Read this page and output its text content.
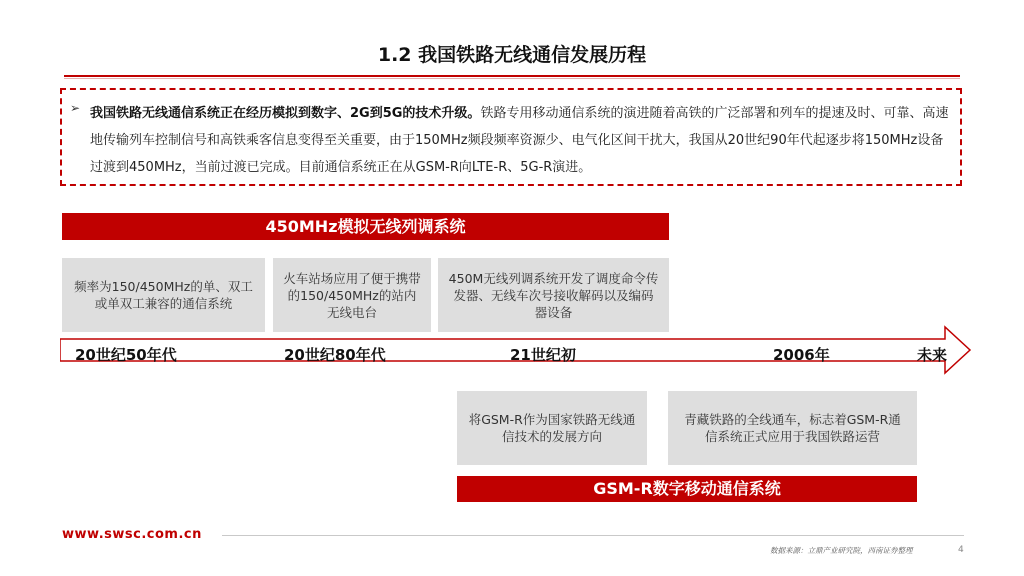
1.2 我国铁路无线通信发展历程
➢ 我国铁路无线通信系统正在经历模拟到数字、2G到5G的技术升级。铁路专用移动通信系统的演进随着高铁的广泛部署和列车的提速及时、可靠、高速地传输列车控制信号和高铁乘客信息变得至关重要，由于150MHz频段频率资源少、电气化区间干扰大，我国从20世纪90年代起逐步将150MHz设备过渡到450MHz，当前过渡已完成。目前通信系统正在从GSM-R向LTE-R、5G-R演进。
450MHz模拟无线列调系统
频率为150/450MHz的单、双工或单双工兼容的通信系统
火车站场应用了便于携带的150/450MHz的站内无线电台
450M无线列调系统开发了调度命令传发器、无线车次号接收解码以及编码器设备
20世纪50年代	20世纪80年代	21世纪初	2006年	未来
将GSM-R作为国家铁路无线通信技术的发展方向
青藏铁路的全线通车，标志着GSM-R通信系统正式应用于我国铁路运营
GSM-R数字移动通信系统
www.swsc.com.cn
数据来源：立鼎产业研究院，西南证券整理	4
